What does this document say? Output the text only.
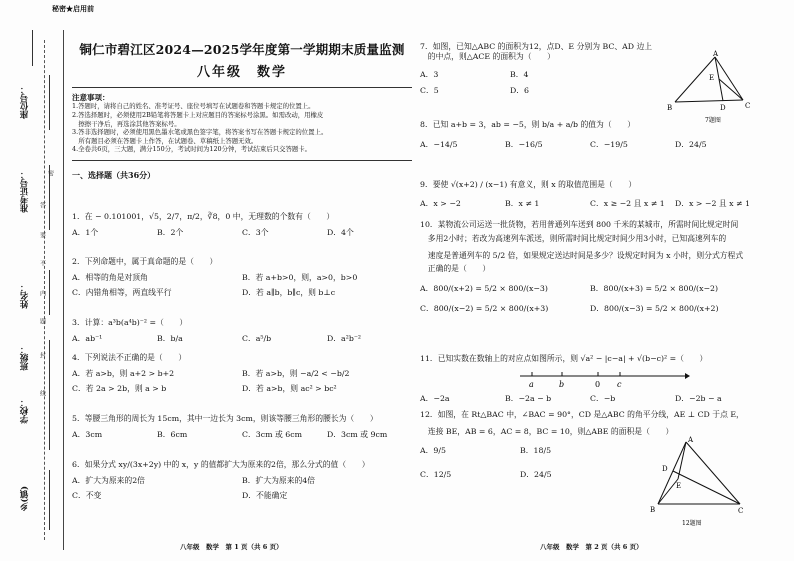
秘密★启用前
座位号：
准考证号：
姓名：
班级：
学校：
乡(镇)
密
封
线
内
不
要
答
题
铜仁市碧江区2024—2025学年度第一学期期末质量监测
八年级　数学
注意事项：
1.答题时，请将自己的姓名、准考证号、座位号填写在试题卷和答题卡规定的位置上。
2.答选择题时，必须使用2B铅笔将答题卡上对应题目的答案标号涂黑。如需改动，用橡皮
　擦擦干净后，再选涂其他答案标号。
3.答非选择题时，必须使用黑色墨水笔或黑色签字笔，将答案书写在答题卡规定的位置上。
　所有题目必须在答题卡上作答，在试题卷、草稿纸上答题无效。
4.全卷共6页，三大题，满分150分，考试时间为120分钟，考试结束后只交答题卡。
一、选择题（共36分）
1．在 − 0.101001，√5，2/7，π/2，∛8，0 中，无理数的个数有（　　）
A．1个	B．2个	C．3个	D．4个
2．下列命题中，属于真命题的是（　　）
A．相等的角是对顶角	B．若 a+b>0，则，a>0，b>0
C．内错角相等，两直线平行	D．若 a∥b，b∥c，则 b⊥c
3．计算：a³b(a⁴b)⁻² =（　　）
A．ab⁻¹	B．b/a	C．a⁵/b	D．a²b⁻²
4．下列说法不正确的是（　　）
A．若 a>b，则 a+2 > b+2	B．若 a>b，则 −a/2 < −b/2
C．若 2a > 2b，则 a > b	D．若 a>b，则 ac² > bc²
5．等腰三角形的周长为 15cm，其中一边长为 3cm，则该等腰三角形的腰长为（　　）
A．3cm	B．6cm	C．3cm 或 6cm	D．3cm 或 9cm
6．如果分式 xy/(3x+2y) 中的 x，y 的值都扩大为原来的2倍，那么分式的值（　　）
A．扩大为原来的2倍	B．扩大为原来的4倍
C．不变	D．不能确定
八年级　数学　第 1 页（共 6 页）
7．如图，已知△ABC 的面积为12，点D、E 分别为 BC、AD 边上
　的中点，则△ACE 的面积为（　　）
A．3	B．4
C．5	D．6
A
E
B	D	C
7题图
8．已知 a+b = 3，ab = −5，则 b/a + a/b 的值为（　　）
A．−14/5	B．−16/5	C．−19/5	D．24/5
9．要使 √(x+2) / (x−1) 有意义，则 x 的取值范围是（　　）
A．x > −2	B．x ≠ 1	C．x ≥ −2 且 x ≠ 1	D．x > −2 且 x ≠ 1
10．某物流公司运送一批货物，若用普通列车送到 800 千米的某城市，所需时间比规定时间
　多用2小时；若改为高速列车派送，则所需时间比规定时间少用3小时，已知高速列车的
　速度是普通列车的 5/2 倍，如果规定送达时间是多少？设规定时间为 x 小时，则分式方程式
　正确的是（　　）
A．800/(x+2) = 5/2 × 800/(x−3)	B．800/(x+3) = 5/2 × 800/(x−2)
C．800/(x−2) = 5/2 × 800/(x+3)	D．800/(x−3) = 5/2 × 800/(x+2)
11．已知实数在数轴上的对应点如图所示，则 √a² − |c−a| + √(b−c)² =（　　）
a	b	0 c
A．−2a	B．−2a − b	C．−b	D．−2b − a
12．如图，在 Rt△BAC 中，∠BAC = 90°，CD 是△ABC 的角平分线，AE ⊥ CD 于点 E，
　连接 BE，AB = 6，AC = 8，BC = 10，则△ABE 的面积是（　　）
A．9/5	B．18/5
C．12/5	D．24/5
A
D
E
B	C
12题图
八年级　数学　第 2 页（共 6 页）
